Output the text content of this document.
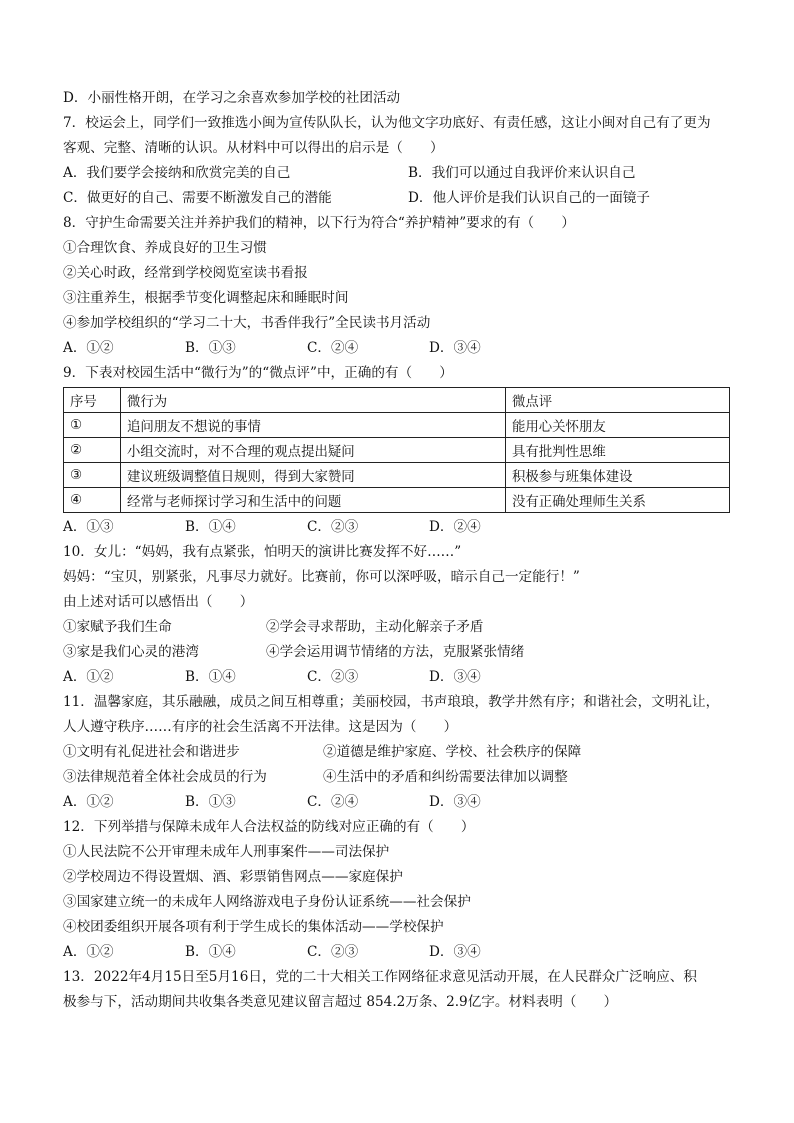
D．小丽性格开朗，在学习之余喜欢参加学校的社团活动
7．校运会上，同学们一致推选小闽为宣传队队长，认为他文字功底好、有责任感，这让小闽对自己有了更为
客观、完整、清晰的认识。从材料中可以得出的启示是（　　）
A．我们要学会接纳和欣赏完美的自己	B．我们可以通过自我评价来认识自己
C．做更好的自己、需要不断激发自己的潜能	D．他人评价是我们认识自己的一面镜子
8．守护生命需要关注并养护我们的精神，以下行为符合“养护精神”要求的有（　　）
①合理饮食、养成良好的卫生习惯
②关心时政，经常到学校阅览室读书看报
③注重养生，根据季节变化调整起床和睡眠时间
④参加学校组织的“学习二十大，书香伴我行”全民读书月活动
A．①②	B．①③	C．②④	D．③④
9．下表对校园生活中“微行为”的“微点评”中，正确的有（　　）
序号	微行为	微点评
①	追问朋友不想说的事情	能用心关怀朋友
②	小组交流时，对不合理的观点提出疑问	具有批判性思维
③	建议班级调整值日规则，得到大家赞同	积极参与班集体建设
④	经常与老师探讨学习和生活中的问题	没有正确处理师生关系
A．①③	B．①④	C．②③	D．②④
10．女儿：“妈妈，我有点紧张，怕明天的演讲比赛发挥不好……”
妈妈：“宝贝，别紧张，凡事尽力就好。比赛前，你可以深呼吸，暗示自己一定能行！”
由上述对话可以感悟出（　　）
①家赋予我们生命	②学会寻求帮助，主动化解亲子矛盾
③家是我们心灵的港湾	④学会运用调节情绪的方法，克服紧张情绪
A．①②	B．①④	C．②③	D．③④
11．温馨家庭，其乐融融，成员之间互相尊重；美丽校园，书声琅琅，教学井然有序；和谐社会，文明礼让，
人人遵守秩序……有序的社会生活离不开法律。这是因为（　　）
①文明有礼促进社会和谐进步	②道德是维护家庭、学校、社会秩序的保障
③法律规范着全体社会成员的行为	④生活中的矛盾和纠纷需要法律加以调整
A．①②	B．①③	C．②④	D．③④
12．下列举措与保障未成年人合法权益的防线对应正确的有（　　）
①人民法院不公开审理未成年人刑事案件——司法保护
②学校周边不得设置烟、酒、彩票销售网点——家庭保护
③国家建立统一的未成年人网络游戏电子身份认证系统——社会保护
④校团委组织开展各项有利于学生成长的集体活动——学校保护
A．①②	B．①④	C．②③	D．③④
13．2022年4月15日至5月16日，党的二十大相关工作网络征求意见活动开展，在人民群众广泛响应、积
极参与下，活动期间共收集各类意见建议留言超过 854.2万条、2.9亿字。材料表明（　　）
